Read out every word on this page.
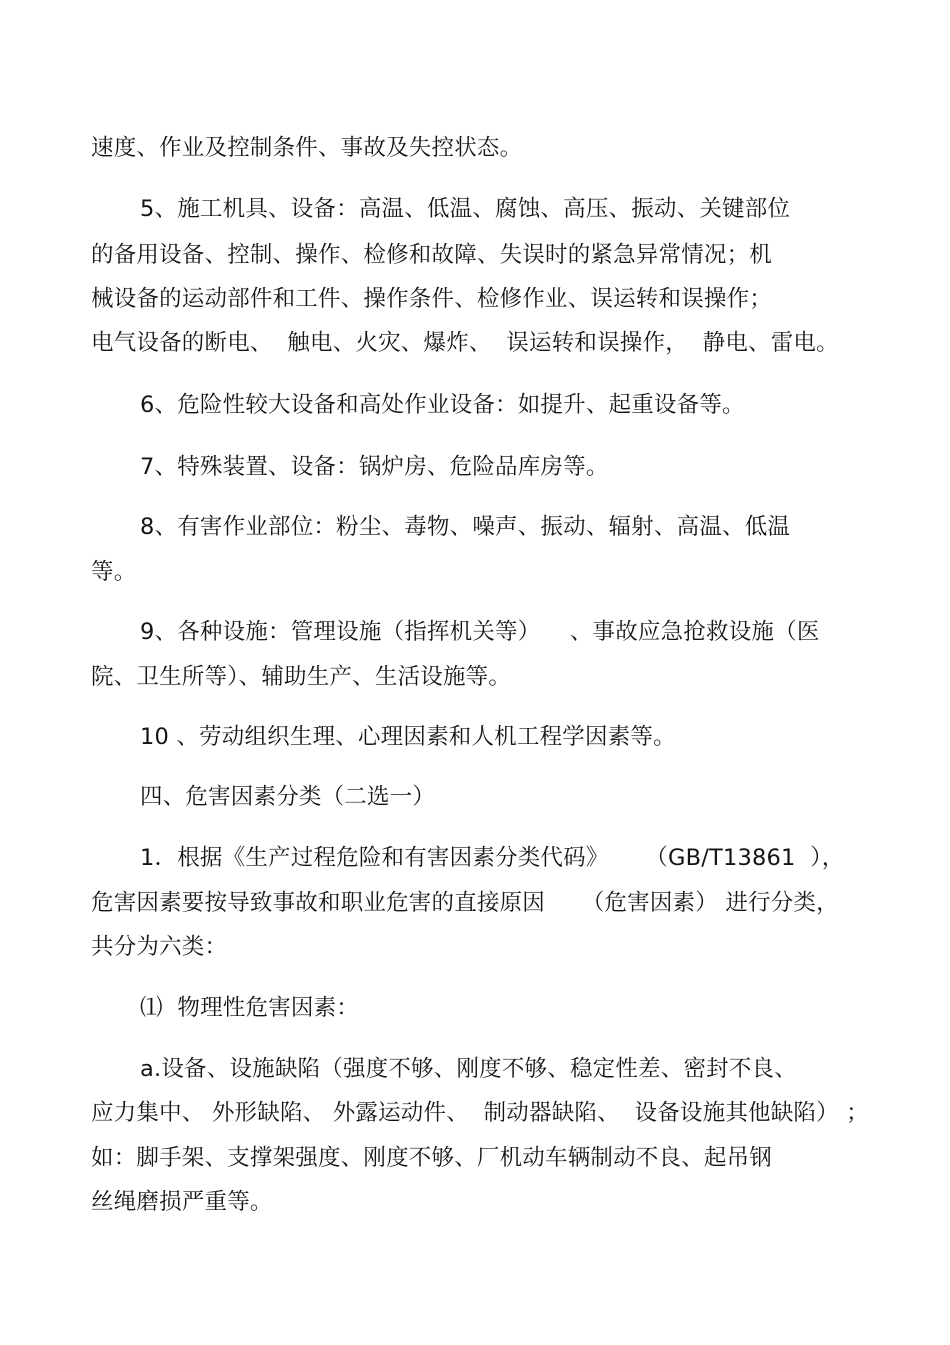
速度、作业及控制条件、事故及失控状态。
5、施工机具、设备：高温、低温、腐蚀、高压、振动、关键部位
的备用设备、控制、操作、检修和故障、失误时的紧急异常情况；机
械设备的运动部件和工件、操作条件、检修作业、误运转和误操作；
电气设备的断电、  触电、火灾、爆炸、  误运转和误操作，  静电、雷电。
6、危险性较大设备和高处作业设备：如提升、起重设备等。
7、特殊装置、设备：锅炉房、危险品库房等。
8、有害作业部位：粉尘、毒物、噪声、振动、辐射、高温、低温
等。
9、各种设施：管理设施（指挥机关等）    、事故应急抢救设施（医
院、卫生所等）、辅助生产、生活设施等。
10 、劳动组织生理、心理因素和人机工程学因素等。
四、危害因素分类（二选一）
1．根据《生产过程危险和有害因素分类代码》     （GB/T13861  ），
危害因素要按导致事故和职业危害的直接原因     （危害因素） 进行分类，
共分为六类：
⑴  物理性危害因素：
a.设备、设施缺陷（强度不够、刚度不够、稳定性差、密封不良、
应力集中、 外形缺陷、 外露运动件、  制动器缺陷、  设备设施其他缺陷） ；
如：脚手架、支撑架强度、刚度不够、厂机动车辆制动不良、起吊钢
丝绳磨损严重等。
